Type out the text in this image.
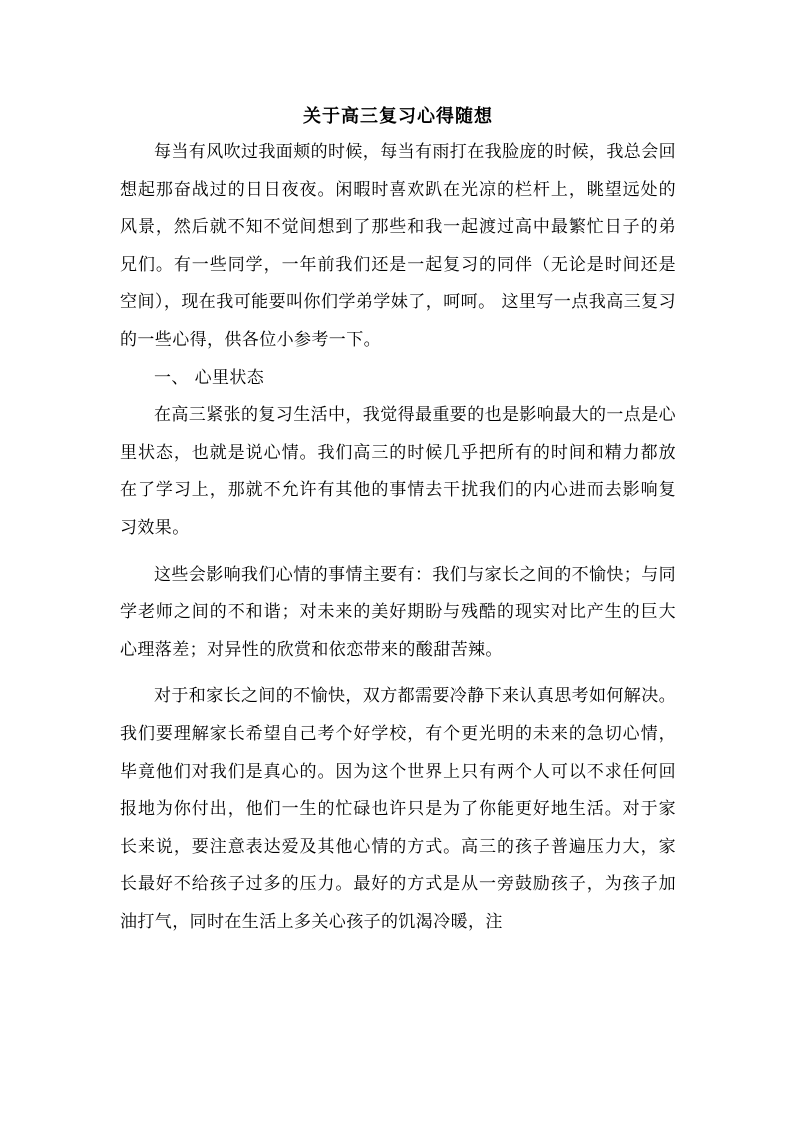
关于高三复习心得随想

每当有风吹过我面颊的时候，每当有雨打在我脸庞的时候，我总会回想起那奋战过的日日夜夜。闲暇时喜欢趴在光凉的栏杆上，眺望远处的风景，然后就不知不觉间想到了那些和我一起渡过高中最繁忙日子的弟兄们。有一些同学，一年前我们还是一起复习的同伴（无论是时间还是空间），现在我可能要叫你们学弟学妹了，呵呵。 这里写一点我高三复习的一些心得，供各位小参考一下。

一、 心里状态

在高三紧张的复习生活中，我觉得最重要的也是影响最大的一点是心里状态，也就是说心情。我们高三的时候几乎把所有的时间和精力都放在了学习上，那就不允许有其他的事情去干扰我们的内心进而去影响复习效果。

这些会影响我们心情的事情主要有：我们与家长之间的不愉快；与同学老师之间的不和谐；对未来的美好期盼与残酷的现实对比产生的巨大心理落差；对异性的欣赏和依恋带来的酸甜苦辣。

对于和家长之间的不愉快，双方都需要冷静下来认真思考如何解决。我们要理解家长希望自己考个好学校，有个更光明的未来的急切心情，毕竟他们对我们是真心的。因为这个世界上只有两个人可以不求任何回报地为你付出，他们一生的忙碌也许只是为了你能更好地生活。对于家长来说，要注意表达爱及其他心情的方式。高三的孩子普遍压力大，家长最好不给孩子过多的压力。最好的方式是从一旁鼓励孩子，为孩子加油打气，同时在生活上多关心孩子的饥渴冷暖，注
